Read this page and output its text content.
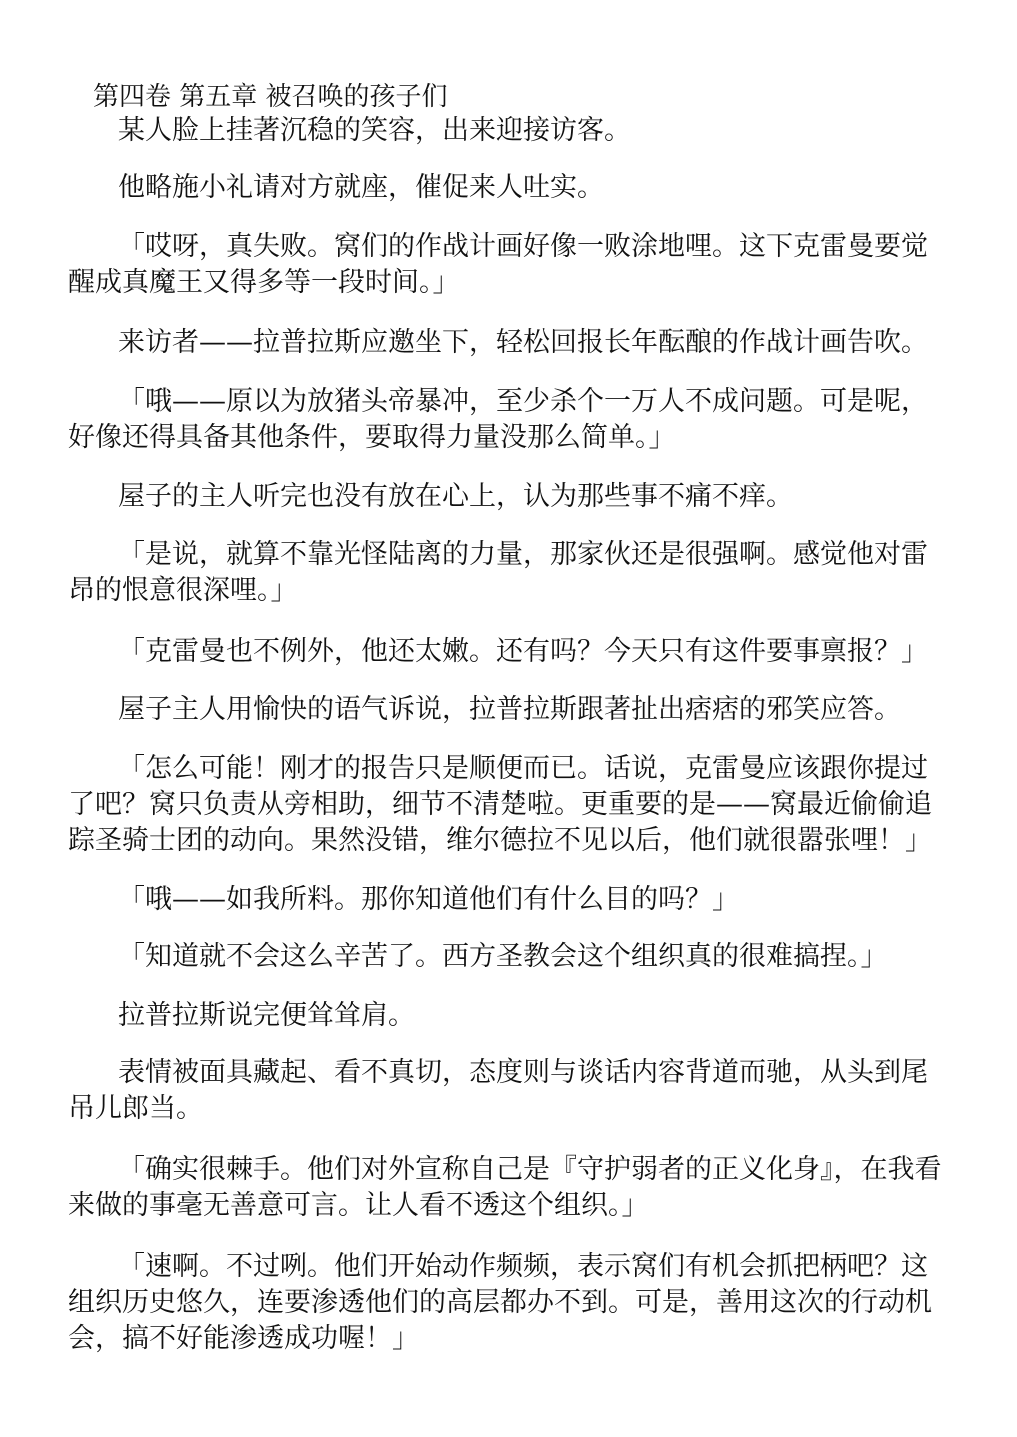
第四卷 第五章 被召唤的孩子们

某人脸上挂著沉稳的笑容，出来迎接访客。

他略施小礼请对方就座，催促来人吐实。

「哎呀，真失败。窝们的作战计画好像一败涂地哩。这下克雷曼要觉醒成真魔王又得多等一段时间。」

来访者——拉普拉斯应邀坐下，轻松回报长年酝酿的作战计画告吹。

「哦——原以为放猪头帝暴冲，至少杀个一万人不成问题。可是呢，好像还得具备其他条件，要取得力量没那么简单。」

屋子的主人听完也没有放在心上，认为那些事不痛不痒。

「是说，就算不靠光怪陆离的力量，那家伙还是很强啊。感觉他对雷昂的恨意很深哩。」

「克雷曼也不例外，他还太嫩。还有吗？今天只有这件要事禀报？」

屋子主人用愉快的语气诉说，拉普拉斯跟著扯出痞痞的邪笑应答。

「怎么可能！刚才的报告只是顺便而已。话说，克雷曼应该跟你提过了吧？窝只负责从旁相助，细节不清楚啦。更重要的是——窝最近偷偷追踪圣骑士团的动向。果然没错，维尔德拉不见以后，他们就很嚣张哩！」

「哦——如我所料。那你知道他们有什么目的吗？」

「知道就不会这么辛苦了。西方圣教会这个组织真的很难搞捏。」

拉普拉斯说完便耸耸肩。

表情被面具藏起、看不真切，态度则与谈话内容背道而驰，从头到尾吊儿郎当。

「确实很棘手。他们对外宣称自己是『守护弱者的正义化身』，在我看来做的事毫无善意可言。让人看不透这个组织。」

「速啊。不过咧。他们开始动作频频，表示窝们有机会抓把柄吧？这组织历史悠久，连要渗透他们的高层都办不到。可是，善用这次的行动机会，搞不好能渗透成功喔！」
